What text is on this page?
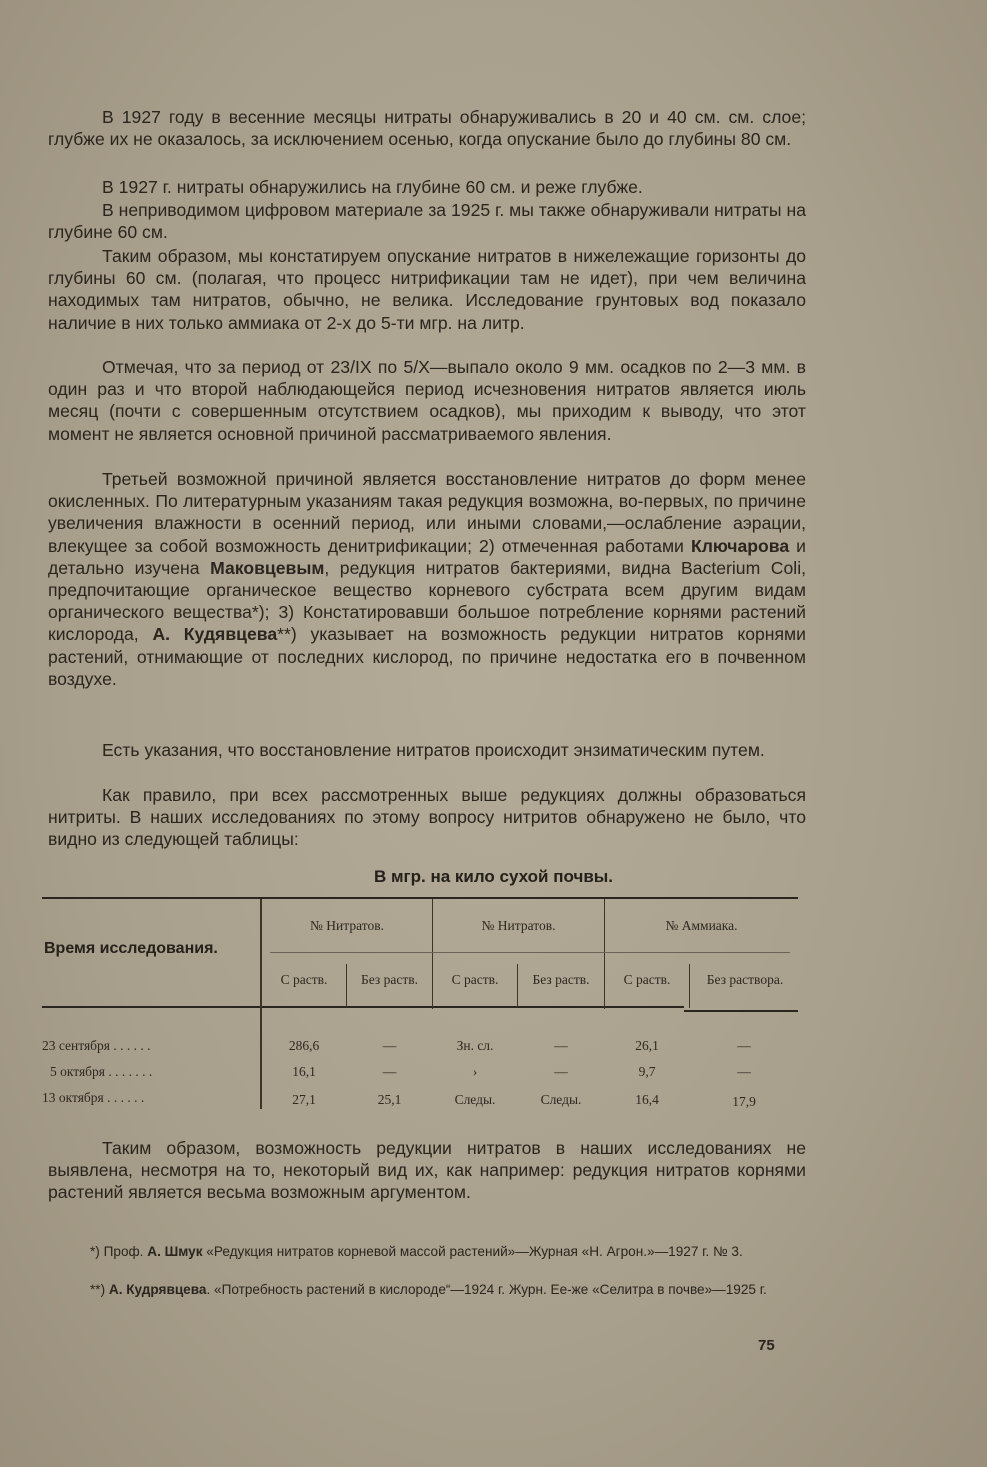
В 1927 году в весенние месяцы нитраты обнаруживались в 20 и 40 см. см. слое; глубже их не оказалось, за исключением осенью, когда опускание было до глубины 80 см.

В 1927 г. нитраты обнаружились на глубине 60 см. и реже глубже.

В неприводимом цифровом материале за 1925 г. мы также обнаруживали нитраты на глубине 60 см.

Таким образом, мы констатируем опускание нитратов в нижележащие горизонты до глубины 60 см. (полагая, что процесс нитрификации там не идет), при чем величина находимых там нитратов, обычно, не велика. Исследование грунтовых вод показало наличие в них только аммиака от 2-х до 5-ти мгр. на литр.

Отмечая, что за период от 23/IX по 5/X—выпало около 9 мм. осадков по 2—3 мм. в один раз и что второй наблюдающейся период исчезновения нитратов является июль месяц (почти с совершенным отсутствием осадков), мы приходим к выводу, что этот момент не является основной причиной рассматриваемого явления.

Третьей возможной причиной является восстановление нитратов до форм менее окисленных. По литературным указаниям такая редукция возможна, во-первых, по причине увеличения влажности в осенний период, или иными словами,—ослабление аэрации, влекущее за собой возможность денитрификации; 2) отмеченная работами Ключарова и детально изучена Маковцевым, редукция нитратов бактериями, видна Bacterium Coli, предпочитающие органическое вещество корневого субстрата всем другим видам органического вещества*); 3) Констатировавши большое потребление корнями растений кислорода, А. Кудявцева**) указывает на возможность редукции нитратов корнями растений, отнимающие от последних кислород, по причине недостатка его в почвенном воздухе.

Есть указания, что восстановление нитратов происходит энзиматическим путем.

Как правило, при всех рассмотренных выше редукциях должны образоваться нитриты. В наших исследованиях по этому вопросу нитритов обнаружено не было, что видно из следующей таблицы:

В мгр. на кило сухой почвы.
Время исследования.
№ Нитратов.	№ Нитратов.	№ Аммиака.
С раств.	Без раств.	С раств.	Без раств.	С раств.	Без раствора.
23 сентября . . . . . .	286,6	—	Зн. сл.	—	26,1	—
5 октября . . . . . . .	16,1	—	›	—	9,7	—
13 октября . . . . . .	27,1	25,1	Следы.	Следы.	16,4	17,9

Таким образом, возможность редукции нитратов в наших исследованиях не выявлена, несмотря на то, некоторый вид их, как например: редукция нитратов корнями растений является весьма возможным аргументом.

*) Проф. А. Шмук «Редукция нитратов корневой массой растений»—Журная «Н. Агрон.»—1927 г. № 3.

**) А. Кудрявцева. «Потребность растений в кислороде“—1924 г. Журн. Ее-же «Селитра в почве»—1925 г.

75
